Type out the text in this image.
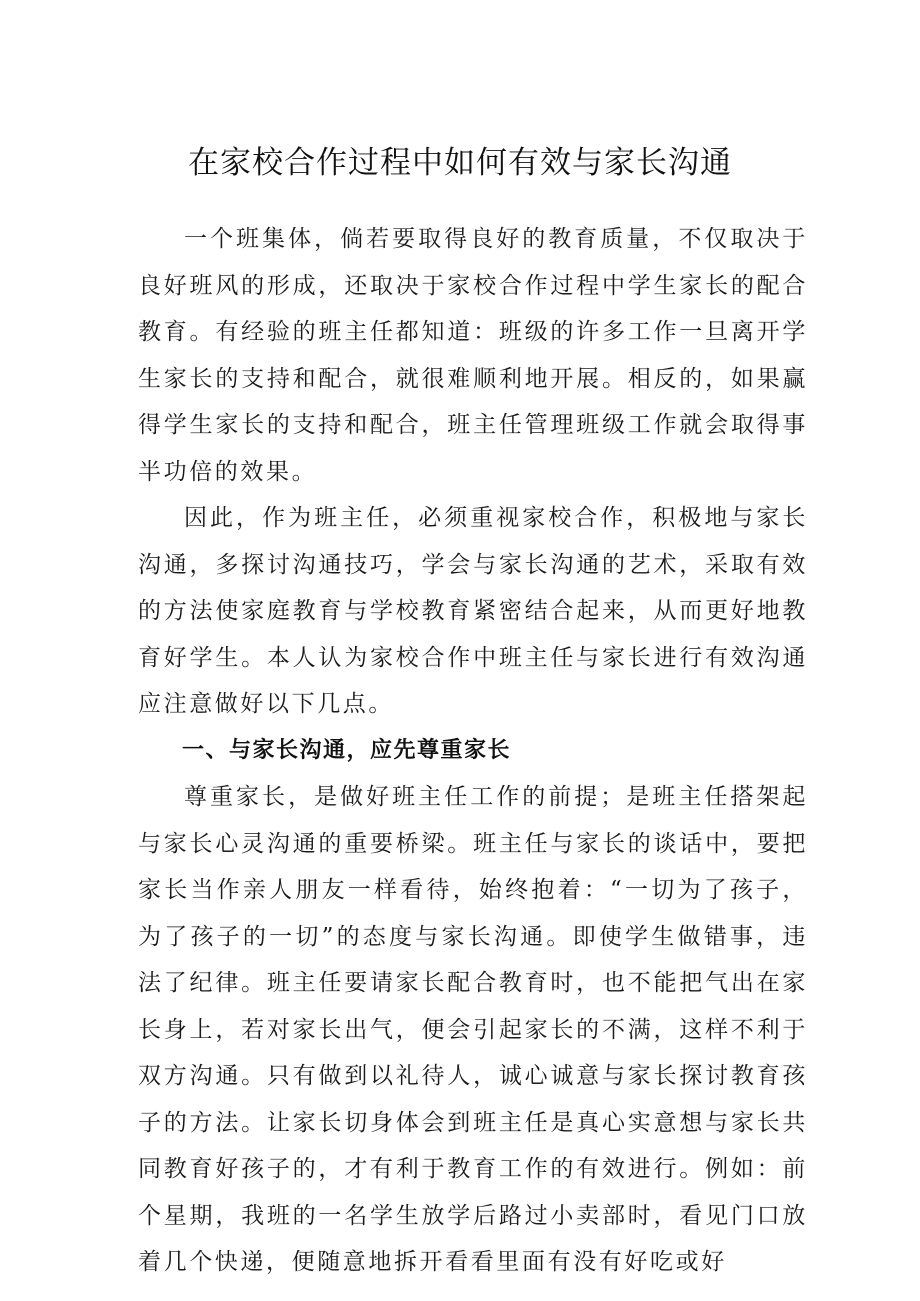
在家校合作过程中如何有效与家长沟通

一个班集体，倘若要取得良好的教育质量，不仅取决于良好班风的形成，还取决于家校合作过程中学生家长的配合教育。有经验的班主任都知道：班级的许多工作一旦离开学生家长的支持和配合，就很难顺利地开展。相反的，如果赢得学生家长的支持和配合，班主任管理班级工作就会取得事半功倍的效果。

因此，作为班主任，必须重视家校合作，积极地与家长沟通，多探讨沟通技巧，学会与家长沟通的艺术，采取有效的方法使家庭教育与学校教育紧密结合起来，从而更好地教育好学生。本人认为家校合作中班主任与家长进行有效沟通应注意做好以下几点。

一、与家长沟通，应先尊重家长

尊重家长，是做好班主任工作的前提；是班主任搭架起与家长心灵沟通的重要桥梁。班主任与家长的谈话中，要把家长当作亲人朋友一样看待，始终抱着：“一切为了孩子，为了孩子的一切”的态度与家长沟通。即使学生做错事，违法了纪律。班主任要请家长配合教育时，也不能把气出在家长身上，若对家长出气，便会引起家长的不满，这样不利于双方沟通。只有做到以礼待人，诚心诚意与家长探讨教育孩子的方法。让家长切身体会到班主任是真心实意想与家长共同教育好孩子的，才有利于教育工作的有效进行。例如：前个星期，我班的一名学生放学后路过小卖部时，看见门口放着几个快递，便随意地拆开看看里面有没有好吃或好
